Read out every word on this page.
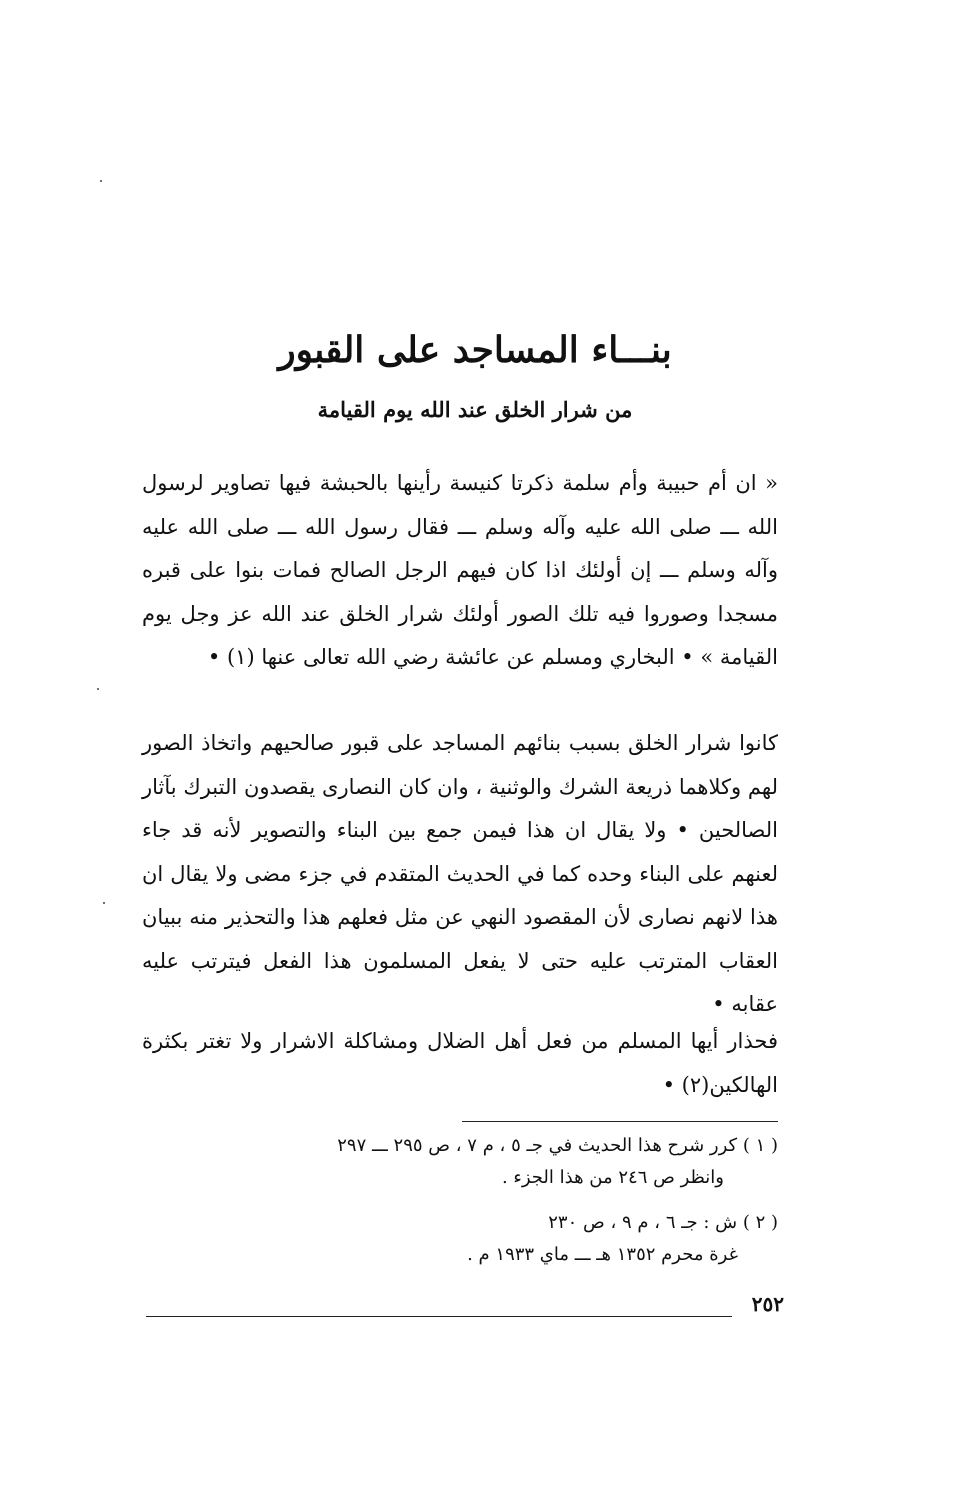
بنـــاء المساجد على القبور
من شرار الخلق عند الله يوم القيامة

« ان أم حبيبة وأم سلمة ذكرتا كنيسة رأينها بالحبشة فيها تصاوير لرسول الله ـــ صلى الله عليه وآله وسلم ـــ فقال رسول الله ـــ صلى الله عليه وآله وسلم ـــ إن أولئك اذا كان فيهم الرجل الصالح فمات بنوا على قبره مسجدا وصوروا فيه تلك الصور أولئك شرار الخلق عند الله عز وجل يوم القيامة » • البخاري ومسلم عن عائشة رضي الله تعالى عنها (١) •

كانوا شرار الخلق بسبب بنائهم المساجد على قبور صالحيهم واتخاذ الصور لهم وكلاهما ذريعة الشرك والوثنية ، وان كان النصارى يقصدون التبرك بآثار الصالحين • ولا يقال ان هذا فيمن جمع بين البناء والتصوير لأنه قد جاء لعنهم على البناء وحده كما في الحديث المتقدم في جزء مضى ولا يقال ان هذا لانهم نصارى لأن المقصود النهي عن مثل فعلهم هذا والتحذير منه ببيان العقاب المترتب عليه حتى لا يفعل المسلمون هذا الفعل فيترتب عليه عقابه •

فحذار أيها المسلم من فعل أهل الضلال ومشاكلة الاشرار ولا تغتر بكثرة الهالكين(٢) •

( ١ ) كرر شرح هذا الحديث في جـ ٥ ، م ٧ ، ص ٢٩٥ ـــ ٢٩٧
وانظر ص ٢٤٦ من هذا الجزء .
( ٢ ) ش : جـ ٦ ، م ٩ ، ص ٢٣٠
غرة محرم ١٣٥٢ هـ ـــ ماي ١٩٣٣ م .

٢٥٢
